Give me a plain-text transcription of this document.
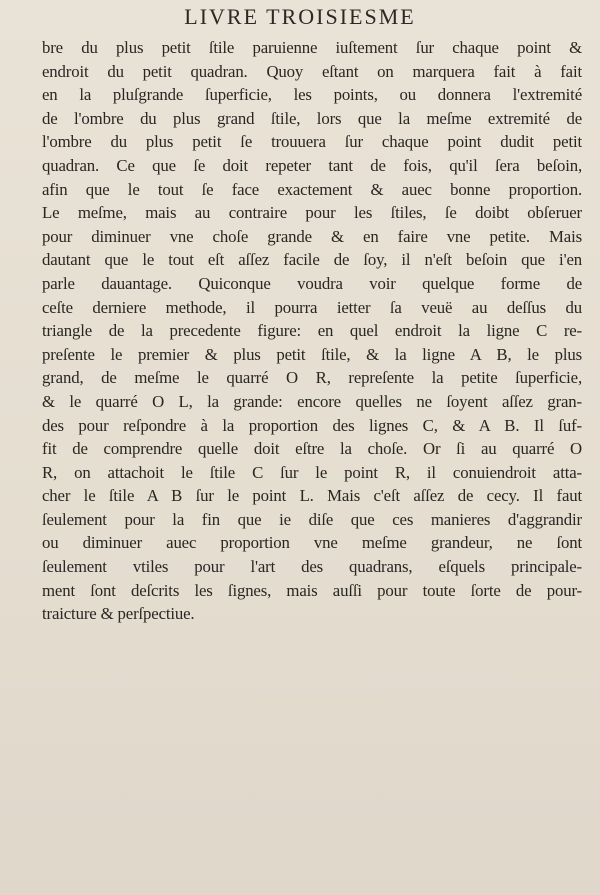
LIVRE TROISIESME
bre du plus petit ſtile paruienne iuſtement ſur chaque point &
endroit du petit quadran. Quoy eſtant on marquera fait à fait
en la pluſgrande ſuperficie, les points, ou donnera l'extremité
de l'ombre du plus grand ſtile, lors que la meſme extremité de
l'ombre du plus petit ſe trouuera ſur chaque point dudit petit
quadran. Ce que ſe doit repeter tant de fois, qu'il ſera beſoin,
afin que le tout ſe face exactement & auec bonne proportion.
Le meſme, mais au contraire pour les ſtiles, ſe doibt obſeruer
pour diminuer vne choſe grande & en faire vne petite. Mais
dautant que le tout eſt aſſez facile de ſoy, il n'eſt beſoin que i'en
parle dauantage. Quiconque voudra voir quelque forme de
ceſte derniere methode, il pourra ietter ſa veuë au deſſus du
triangle de la precedente figure: en quel endroit la ligne C re-
preſente le premier & plus petit ſtile, & la ligne A B, le plus
grand, de meſme le quarré O R, repreſente la petite ſuperficie,
& le quarré O L, la grande: encore quelles ne ſoyent aſſez gran-
des pour reſpondre à la proportion des lignes C, & A B. Il ſuf-
fit de comprendre quelle doit eſtre la choſe. Or ſi au quarré O
R, on attachoit le ſtile C ſur le point R, il conuiendroit atta-
cher le ſtile A B ſur le point L. Mais c'eſt aſſez de cecy. Il faut
ſeulement pour la fin que ie diſe que ces manieres d'aggrandir
ou diminuer auec proportion vne meſme grandeur, ne ſont
ſeulement vtiles pour l'art des quadrans, eſquels principale-
ment ſont deſcrits les ſignes, mais auſſi pour toute ſorte de pour-
traicture & perſpectiue.
